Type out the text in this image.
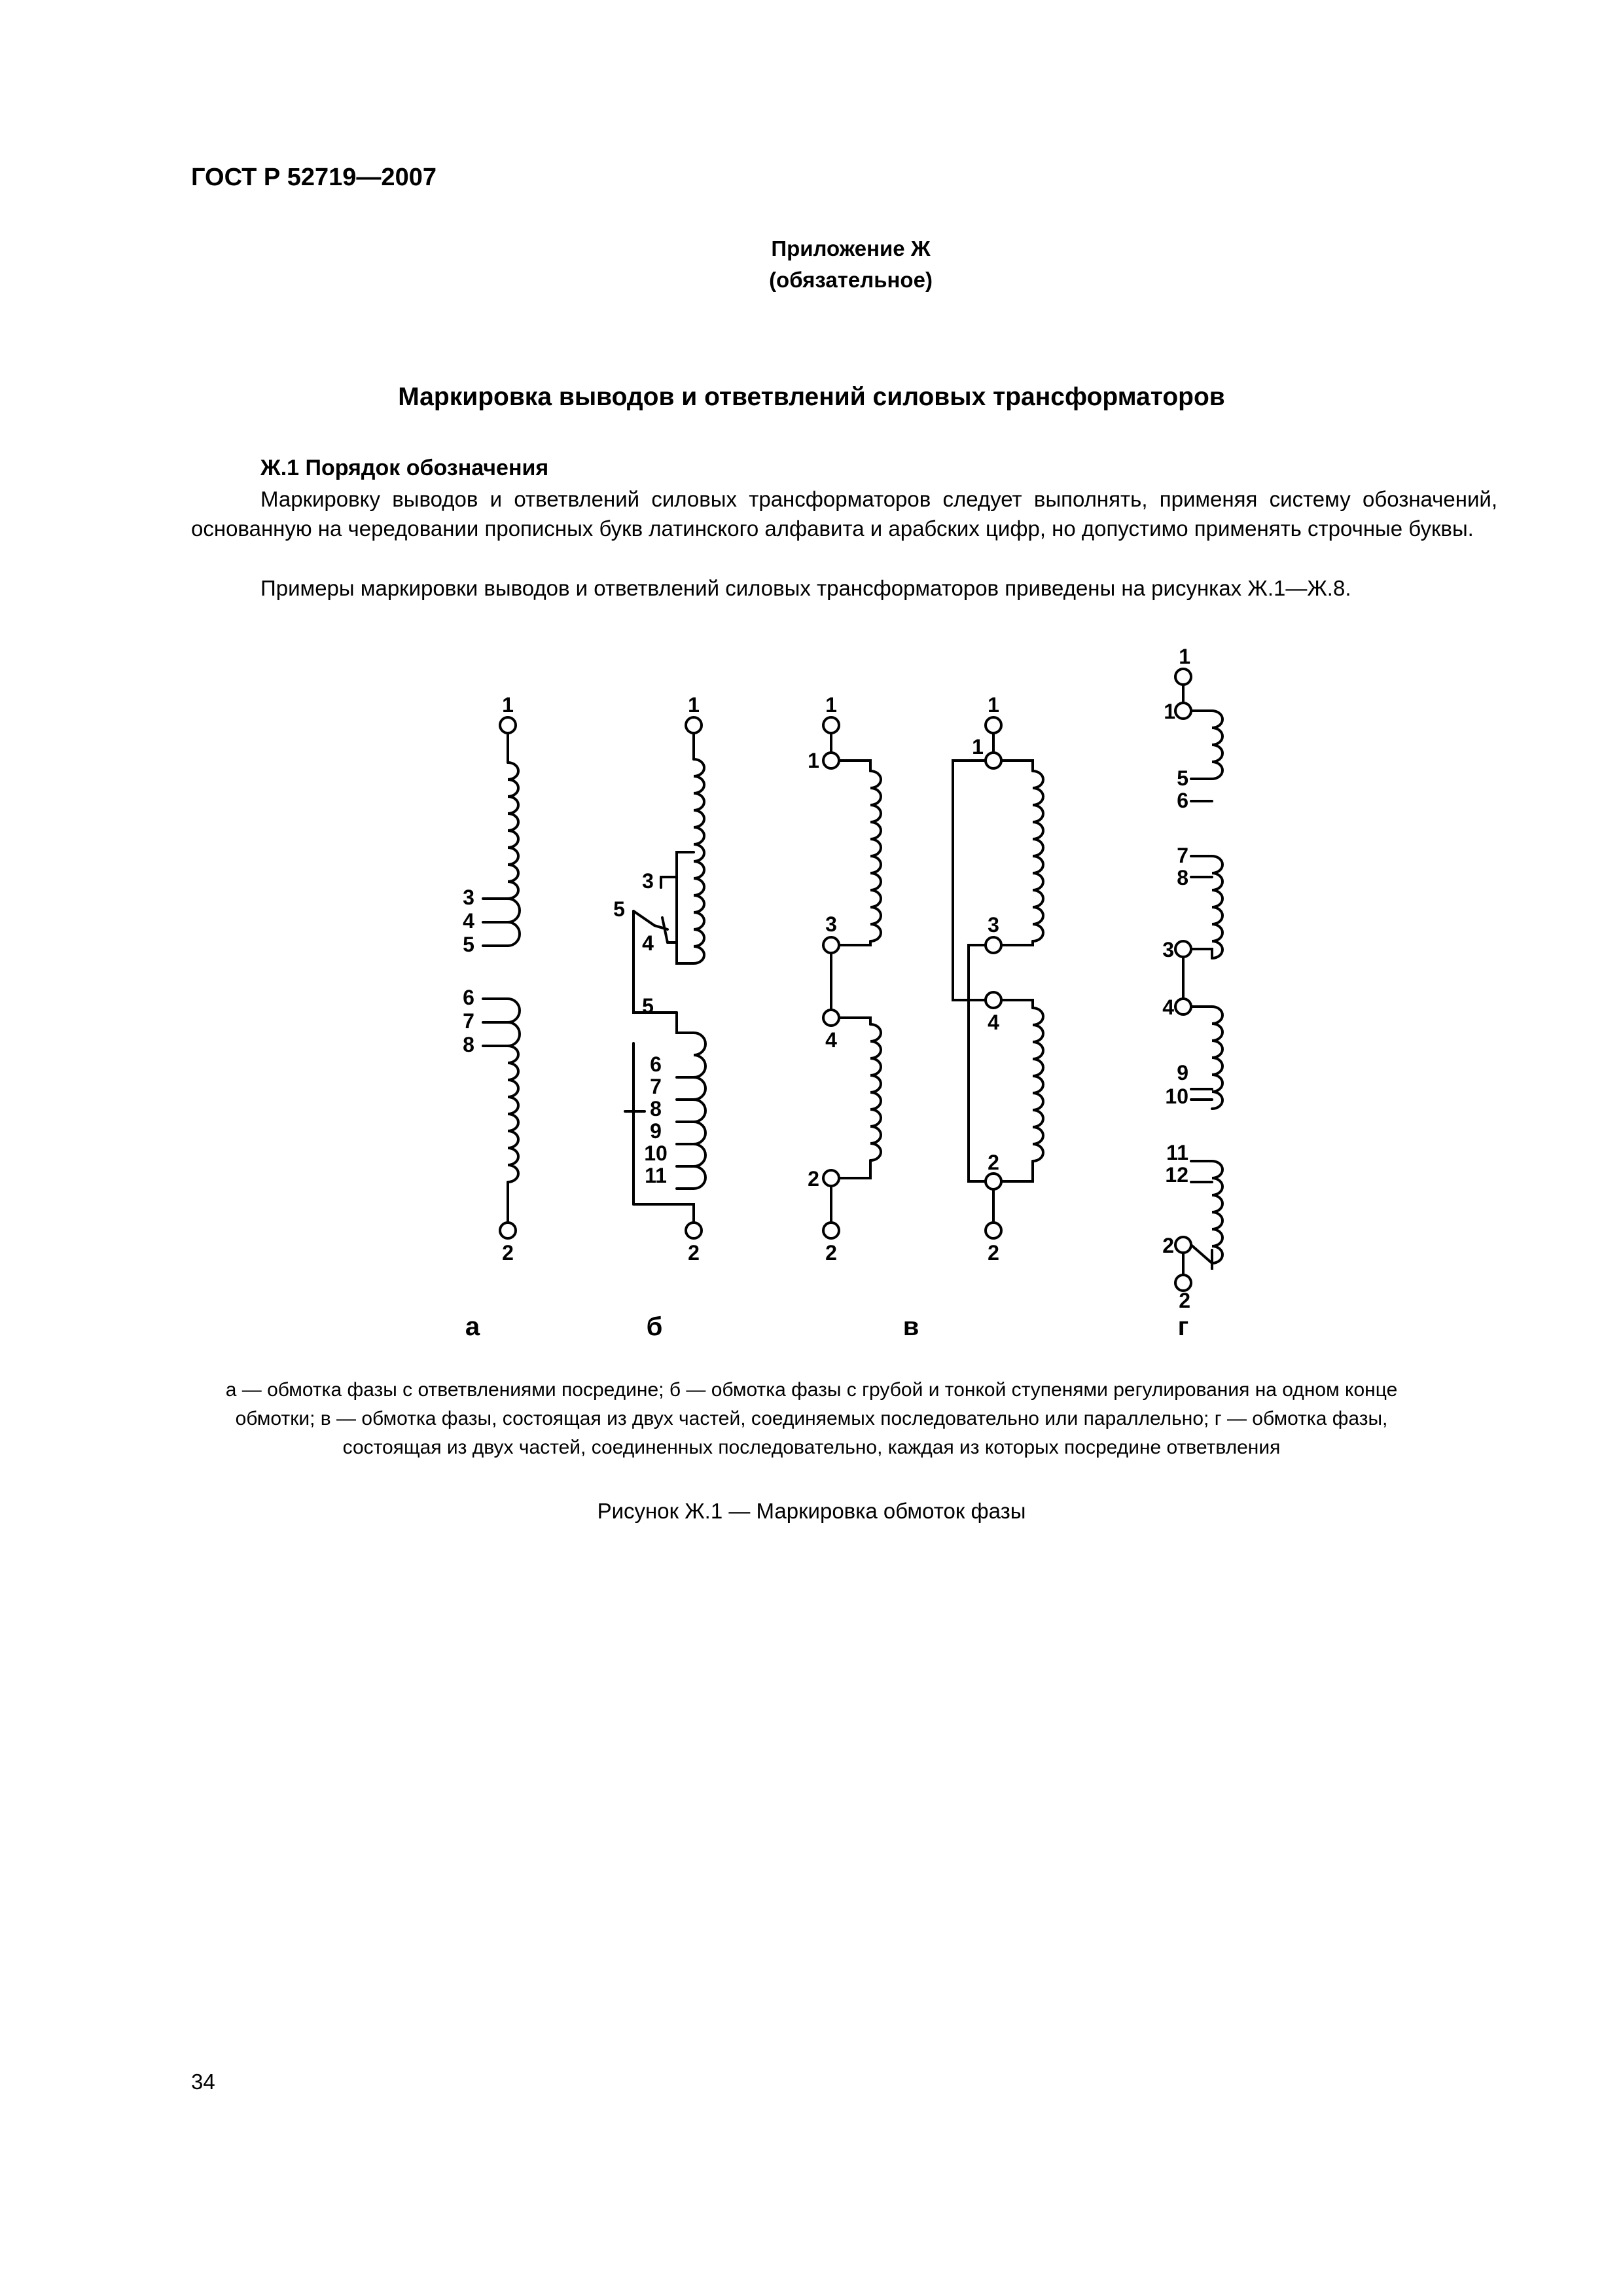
ГОСТ Р 52719—2007
Приложение Ж
(обязательное)
Маркировка выводов и ответвлений силовых трансформаторов
Ж.1 Порядок обозначения
Маркировку выводов и ответвлений силовых трансформаторов следует выполнять, применяя систему обозначений, основанную на чередовании прописных букв латинского алфавита и арабских цифр, но допустимо применять строчные буквы.
Примеры маркировки выводов и ответвлений силовых трансформаторов приведены на рисунках Ж.1—Ж.8.
1
2
3
4
5
6
7
8
1
2
3
4
5
5
6
7
8
9
10
11
1
2
1
3
4
2
1
2
1
3
4
2
1
2
1
5
6
7
8
3
4
9
10
11
12
2
а	б	в	г
а — обмотка фазы с ответвлениями посредине; б — обмотка фазы с грубой и тонкой ступенями регулирования на одном конце обмотки; в — обмотка фазы, состоящая из двух частей, соединяемых последовательно или параллельно; г — обмотка фазы, состоящая из двух частей, соединенных последовательно, каждая из которых посредине ответвления
Рисунок Ж.1 — Маркировка обмоток фазы
34
